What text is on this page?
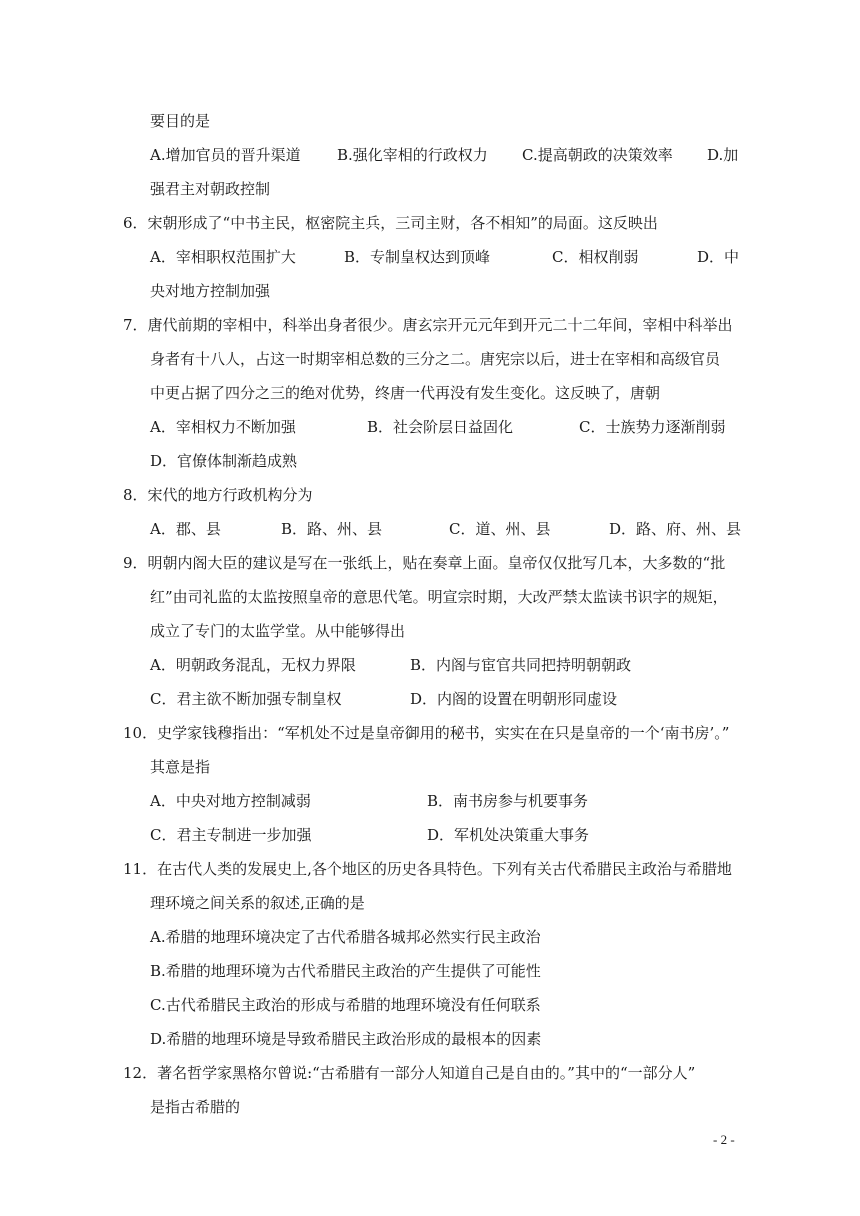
要目的是
A.增加官员的晋升渠道 B.强化宰相的行政权力 C.提高朝政的决策效率 D.加
强君主对朝政控制
6．宋朝形成了“中书主民，枢密院主兵，三司主财，各不相知”的局面。这反映出
A．宰相职权范围扩大	B．专制皇权达到顶峰	C．相权削弱	D．中
央对地方控制加强
7．唐代前期的宰相中，科举出身者很少。唐玄宗开元元年到开元二十二年间，宰相中科举出
身者有十八人，占这一时期宰相总数的三分之二。唐宪宗以后，进士在宰相和高级官员
中更占据了四分之三的绝对优势，终唐一代再没有发生变化。这反映了，唐朝
A．宰相权力不断加强	B．社会阶层日益固化	C．士族势力逐渐削弱
D．官僚体制渐趋成熟
8．宋代的地方行政机构分为
A．郡、县	B．路、州、县	C．道、州、县	D．路、府、州、县
9．明朝内阁大臣的建议是写在一张纸上，贴在奏章上面。皇帝仅仅批写几本，大多数的“批
红”由司礼监的太监按照皇帝的意思代笔。明宣宗时期，大改严禁太监读书识字的规矩，
成立了专门的太监学堂。从中能够得出
A．明朝政务混乱，无权力界限	B．内阁与宦官共同把持明朝朝政
C．君主欲不断加强专制皇权	D．内阁的设置在明朝形同虚设
10．史学家钱穆指出：“军机处不过是皇帝御用的秘书，实实在在只是皇帝的一个‘南书房’。”
其意是指
A．中央对地方控制减弱	B．南书房参与机要事务
C．君主专制进一步加强	D．军机处决策重大事务
11．在古代人类的发展史上,各个地区的历史各具特色。下列有关古代希腊民主政治与希腊地
理环境之间关系的叙述,正确的是
A.希腊的地理环境决定了古代希腊各城邦必然实行民主政治
B.希腊的地理环境为古代希腊民主政治的产生提供了可能性
C.古代希腊民主政治的形成与希腊的地理环境没有任何联系
D.希腊的地理环境是导致希腊民主政治形成的最根本的因素
12．著名哲学家黑格尔曾说:“古希腊有一部分人知道自己是自由的。”其中的“一部分人”
是指古希腊的
- 2 -
